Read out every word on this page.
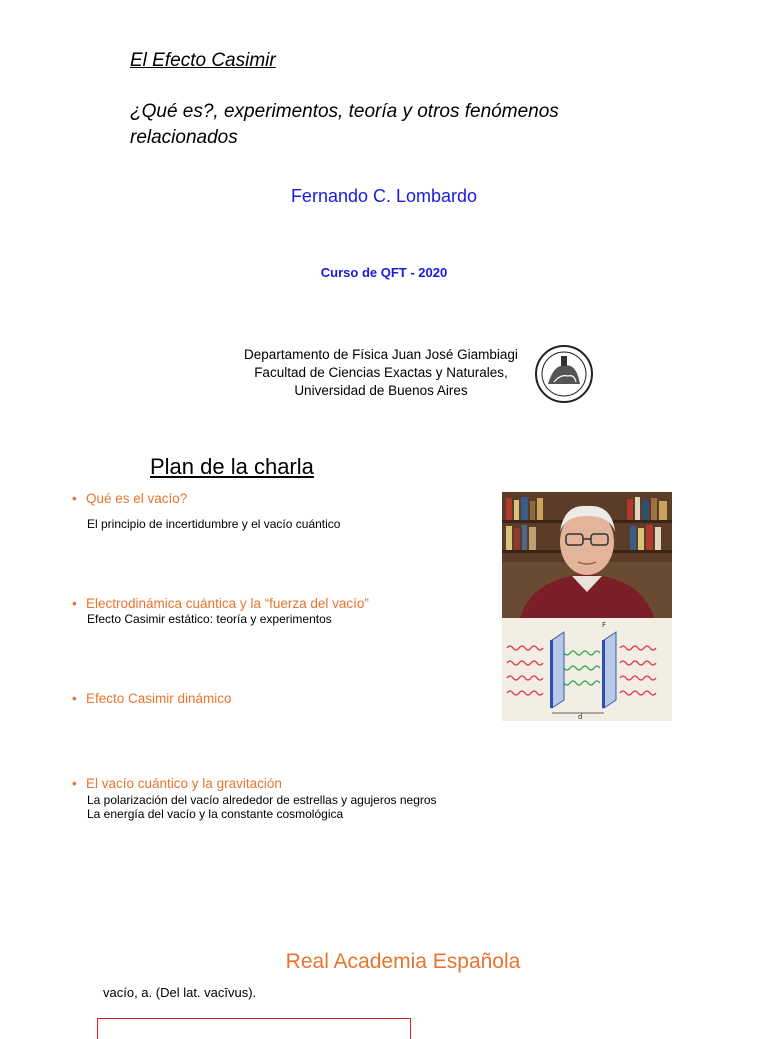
El Efecto Casimir
¿Qué es?, experimentos, teoría y otros fenómenos relacionados
Fernando C. Lombardo
Curso de QFT - 2020
Departamento de Física Juan José Giambiagi
Facultad de Ciencias Exactas y Naturales,
Universidad de Buenos Aires
Plan de la charla
• Qué es el vacío?
El principio de incertidumbre y el vacío cuántico
• Electrodinámica cuántica y la “fuerza del vacío”
Efecto Casimir estático: teoría y experimentos
• Efecto Casimir dinámico
• El vacío cuántico y la gravitación
La polarización del vacío alrededor de estrellas y agujeros negros
La energía del vacío y la constante cosmológica
d
F
Real Academia Española
vacío, a. (Del lat. vacīvus).
